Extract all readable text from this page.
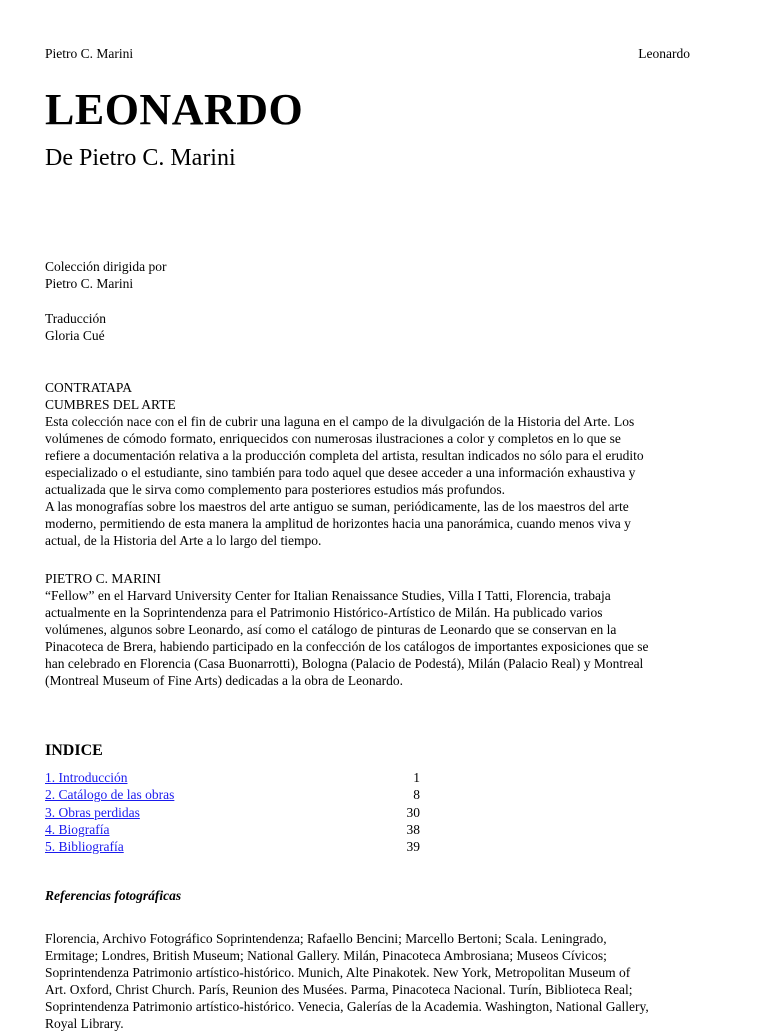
Pietro C. Marini	Leonardo
LEONARDO
De Pietro C. Marini
Colección dirigida por
Pietro C. Marini
Traducción
Gloria Cué
CONTRATAPA
CUMBRES DEL ARTE
Esta colección nace con el fin de cubrir una laguna en el campo de la divulgación de la Historia del Arte. Los
volúmenes de cómodo formato, enriquecidos con numerosas ilustraciones a color y completos en lo que se
refiere a documentación relativa a la producción completa del artista, resultan indicados no sólo para el erudito
especializado o el estudiante, sino también para todo aquel que desee acceder a una información exhaustiva y
actualizada que le sirva como complemento para posteriores estudios más profundos.
A las monografías sobre los maestros del arte antiguo se suman, periódicamente, las de los maestros del arte
moderno, permitiendo de esta manera la amplitud de horizontes hacia una panorámica, cuando menos viva y
actual, de la Historia del Arte a lo largo del tiempo.
PIETRO C. MARINI
“Fellow” en el Harvard University Center for Italian Renaissance Studies, Villa I Tatti, Florencia, trabaja
actualmente en la Soprintendenza para el Patrimonio Histórico-Artístico de Milán. Ha publicado varios
volúmenes, algunos sobre Leonardo, así como el catálogo de pinturas de Leonardo que se conservan en la
Pinacoteca de Brera, habiendo participado en la confección de los catálogos de importantes exposiciones que se
han celebrado en Florencia (Casa Buonarrotti), Bologna (Palacio de Podestá), Milán (Palacio Real) y Montreal
(Montreal Museum of Fine Arts) dedicadas a la obra de Leonardo.
INDICE
1. Introducción	1
2. Catálogo de las obras	8
3. Obras perdidas	30
4. Biografía	38
5. Bibliografía	39
Referencias fotográficas
Florencia, Archivo Fotográfico Soprintendenza; Rafaello Bencini; Marcello Bertoni; Scala. Leningrado,
Ermitage; Londres, British Museum; National Gallery. Milán, Pinacoteca Ambrosiana; Museos Cívicos;
Soprintendenza Patrimonio artístico-histórico. Munich, Alte Pinakotek. New York, Metropolitan Museum of
Art. Oxford, Christ Church. París, Reunion des Musées. Parma, Pinacoteca Nacional. Turín, Biblioteca Real;
Soprintendenza Patrimonio artístico-histórico. Venecia, Galerías de la Academia. Washington, National Gallery,
Royal Library.
